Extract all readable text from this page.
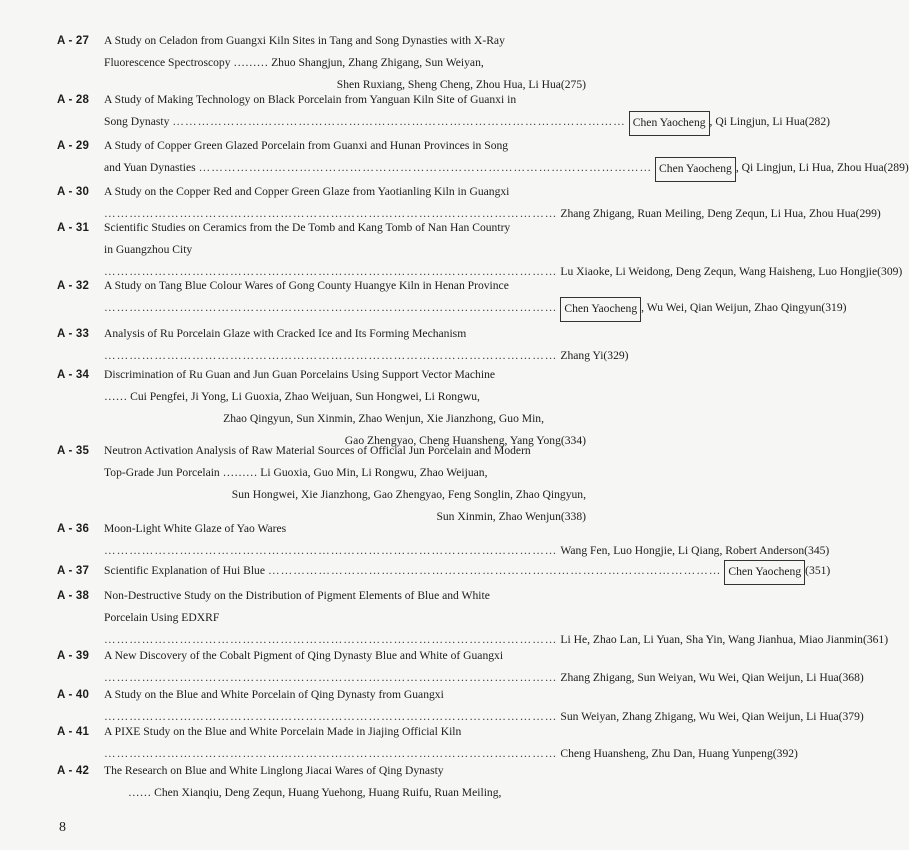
A - 27 A Study on Celadon from Guangxi Kiln Sites in Tang and Song Dynasties with X-Ray
Fluorescence Spectroscopy ……… Zhuo Shangjun, Zhang Zhigang, Sun Weiyan,
Shen Ruxiang, Sheng Cheng, Zhou Hua, Li Hua(275)
A - 28 A Study of Making Technology on Black Porcelain from Yanguan Kiln Site of Guanxi in
Song Dynasty ……………………………………………………………………………………………… Chen Yaocheng , Qi Lingjun, Li Hua(282)
A - 29 A Study of Copper Green Glazed Porcelain from Guanxi and Hunan Provinces in Song
and Yuan Dynasties ……………………………………………………………………………………………… Chen Yaocheng , Qi Lingjun, Li Hua, Zhou Hua(289)
A - 30 A Study on the Copper Red and Copper Green Glaze from Yaotianling Kiln in Guangxi
……………………………………………………………………………………………… Zhang Zhigang, Ruan Meiling, Deng Zequn, Li Hua, Zhou Hua(299)
A - 31 Scientific Studies on Ceramics from the De Tomb and Kang Tomb of Nan Han Country
in Guangzhou City
……………………………………………………………………………………………… Lu Xiaoke, Li Weidong, Deng Zequn, Wang Haisheng, Luo Hongjie(309)
A - 32 A Study on Tang Blue Colour Wares of Gong County Huangye Kiln in Henan Province
……………………………………………………………………………………………… Chen Yaocheng , Wu Wei, Qian Weijun, Zhao Qingyun(319)
A - 33 Analysis of Ru Porcelain Glaze with Cracked Ice and Its Forming Mechanism
……………………………………………………………………………………………… Zhang Yi(329)
A - 34 Discrimination of Ru Guan and Jun Guan Porcelains Using Support Vector Machine
…… Cui Pengfei, Ji Yong, Li Guoxia, Zhao Weijuan, Sun Hongwei, Li Rongwu,
Zhao Qingyun, Sun Xinmin, Zhao Wenjun, Xie Jianzhong, Guo Min,
Gao Zhengyao, Cheng Huansheng, Yang Yong(334)
A - 35 Neutron Activation Analysis of Raw Material Sources of Official Jun Porcelain and Modern
Top-Grade Jun Porcelain ……… Li Guoxia, Guo Min, Li Rongwu, Zhao Weijuan,
Sun Hongwei, Xie Jianzhong, Gao Zhengyao, Feng Songlin, Zhao Qingyun,
Sun Xinmin, Zhao Wenjun(338)
A - 36 Moon-Light White Glaze of Yao Wares
……………………………………………………………………………………………… Wang Fen, Luo Hongjie, Li Qiang, Robert Anderson(345)
A - 37 Scientific Explanation of Hui Blue ……………………………………………………………………………………………… Chen Yaocheng (351)
A - 38 Non-Destructive Study on the Distribution of Pigment Elements of Blue and White
Porcelain Using EDXRF
……………………………………………………………………………………………… Li He, Zhao Lan, Li Yuan, Sha Yin, Wang Jianhua, Miao Jianmin(361)
A - 39 A New Discovery of the Cobalt Pigment of Qing Dynasty Blue and White of Guangxi
……………………………………………………………………………………………… Zhang Zhigang, Sun Weiyan, Wu Wei, Qian Weijun, Li Hua(368)
A - 40 A Study on the Blue and White Porcelain of Qing Dynasty from Guangxi
……………………………………………………………………………………………… Sun Weiyan, Zhang Zhigang, Wu Wei, Qian Weijun, Li Hua(379)
A - 41 A PIXE Study on the Blue and White Porcelain Made in Jiajing Official Kiln
……………………………………………………………………………………………… Cheng Huansheng, Zhu Dan, Huang Yunpeng(392)
A - 42 The Research on Blue and White Linglong Jiacai Wares of Qing Dynasty
…… Chen Xianqiu, Deng Zequn, Huang Yuehong, Huang Ruifu, Ruan Meiling,
8
